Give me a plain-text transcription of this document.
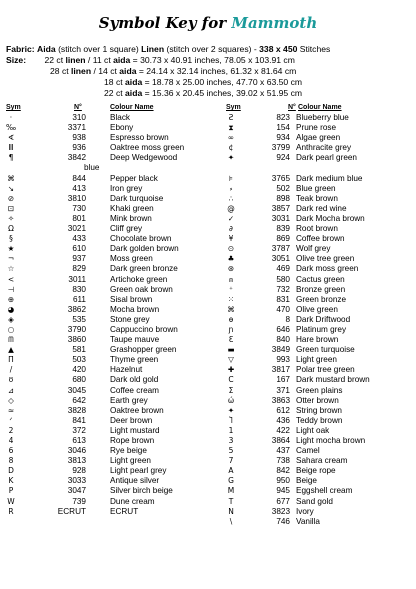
Symbol Key for Mammoth
Fabric: Aida (stitch over 1 square) Linen (stitch over 2 squares) - 338 x 450 Stitches
Size: 22 ct linen / 11 ct aida = 30.73 x 40.91 inches, 78.05 x 103.91 cm
28 ct linen / 14 ct aida = 24.14 x 32.14 inches, 61.32 x 81.64 cm
18 ct aida = 18.78 x 25.00 inches, 47.70 x 63.50 cm
22 ct aida = 15.36 x 20.45 inches, 39.02 x 51.95 cm
Sym	N°	Colour Name	Sym	N° Colour Name
·	310	Black
‰	3371	Ebony
∢	938	Espresso brown
Ⅲ	936	Oaktree moss green
¶	3842	Deep Wedgewood
blue
⌘	844	Pepper black
↘	413	Iron grey
⊘	3810	Dark turquoise
⊡	730	Khaki green
✧	801	Mink brown
Ω	3021	Cliff grey
§	433	Chocolate brown
★	610	Dark golden brown
¬	937	Moss green
☆	829	Dark green bronze
<	3011	Artichoke green
⊣	830	Green oak brown
⊕	611	Sisal brown
◕	3862	Mocha brown
◈	535	Stone grey
○	3790	Cappuccino brown
ᗰ	3860	Taupe mauve
▲	581	Grashopper green
Π	503	Thyme green
/	420	Hazelnut
ʊ	680	Dark old gold
⊿	3045	Coffee cream
◇	642	Earth grey
≈	3828	Oaktree brown
ᐟ	841	Deer brown
2	372	Light mustard
4	613	Rope brown
6	3046	Rye beige
8	3813	Light green
D	928	Light pearl grey
K	3033	Antique silver
P	3047	Silver birch beige
W	739	Dune cream
R	ECRUT	ECRUT
Ƨ	823 Blueberry blue
⧗	154 Prune rose
∞	934 Algae green
¢	3799 Anthracite grey
✦	924 Dark pearl green
⊧	3765 Dark medium blue
⸗	502 Blue green
∴	898 Teak brown
@	3857 Dark red wine
✓	3031 Dark Mocha brown
∂	839 Root brown
¥	869 Coffee brown
⊙	3787 Wolf grey
♣	3051 Olive tree green
⊛	469 Dark moss green
⍝	580 Cactus green
⁺	732 Bronze green
⁙	831 Green bronze
⌘	470 Olive green
ɵ	8 Dark Driftwood
ɲ	646 Platinum grey
Ɛ	840 Hare brown
▬	3849 Green turquoise
▽	993 Light green
✚	3817 Polar tree green
Ϲ	167 Dark mustard brown
Σ	371 Green plains
ώ	3863 Otter brown
✦	612 String brown
Ⴈ	436 Teddy brown
1	422 Light oak
3	3864 Light mocha brown
5	437 Camel
7	738 Sahara cream
A	842 Beige rope
G	950 Beige
M	945 Eggshell cream
T	677 Sand gold
N	3823 Ivory
\	746 Vanilla
